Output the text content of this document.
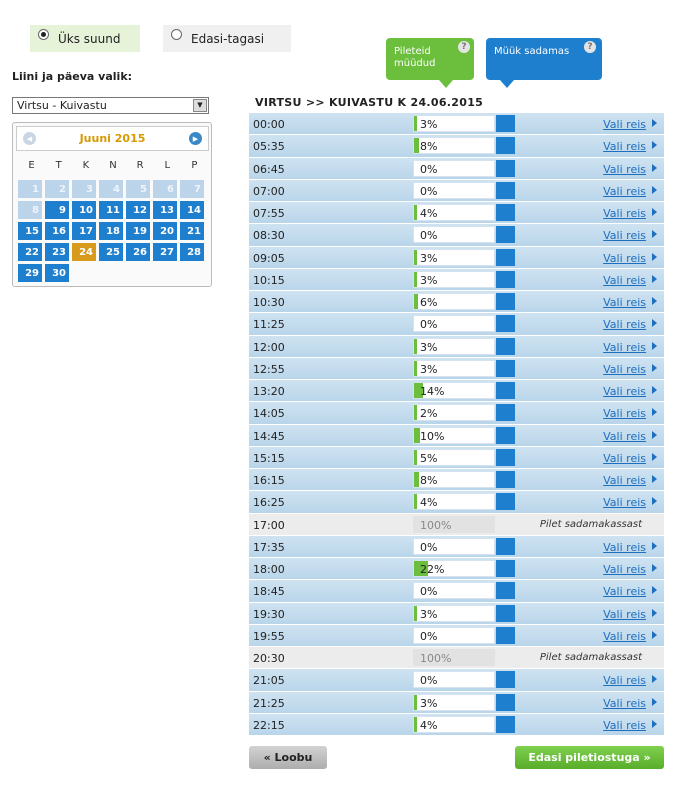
Üks suund	Edasi-tagasi
Liini ja päeva valik:
Virtsu - Kuivastu	▼
◀	Juuni 2015	▶
E	T	K	N	R	L	P
1	2	3	4	5	6	7
8	9	10	11	12	13	14
15	16	17	18	19	20	21
22	23	24	25	26	27	28
29	30
Pileteid
müüdud
?	Müük sadamas	?
VIRTSU >> KUIVASTU K 24.06.2015
00:00	3%	Vali reis
05:35	8%	Vali reis
06:45	0%	Vali reis
07:00	0%	Vali reis
07:55	4%	Vali reis
08:30	0%	Vali reis
09:05	3%	Vali reis
10:15	3%	Vali reis
10:30	6%	Vali reis
11:25	0%	Vali reis
12:00	3%	Vali reis
12:55	3%	Vali reis
13:20	14%	Vali reis
14:05	2%	Vali reis
14:45	10%	Vali reis
15:15	5%	Vali reis
16:15	8%	Vali reis
16:25	4%	Vali reis
17:00	100%	Pilet sadamakassast
17:35	0%	Vali reis
18:00	22%	Vali reis
18:45	0%	Vali reis
19:30	3%	Vali reis
19:55	0%	Vali reis
20:30	100%	Pilet sadamakassast
21:05	0%	Vali reis
21:25	3%	Vali reis
22:15	4%	Vali reis
« Loobu	Edasi piletiostuga »
